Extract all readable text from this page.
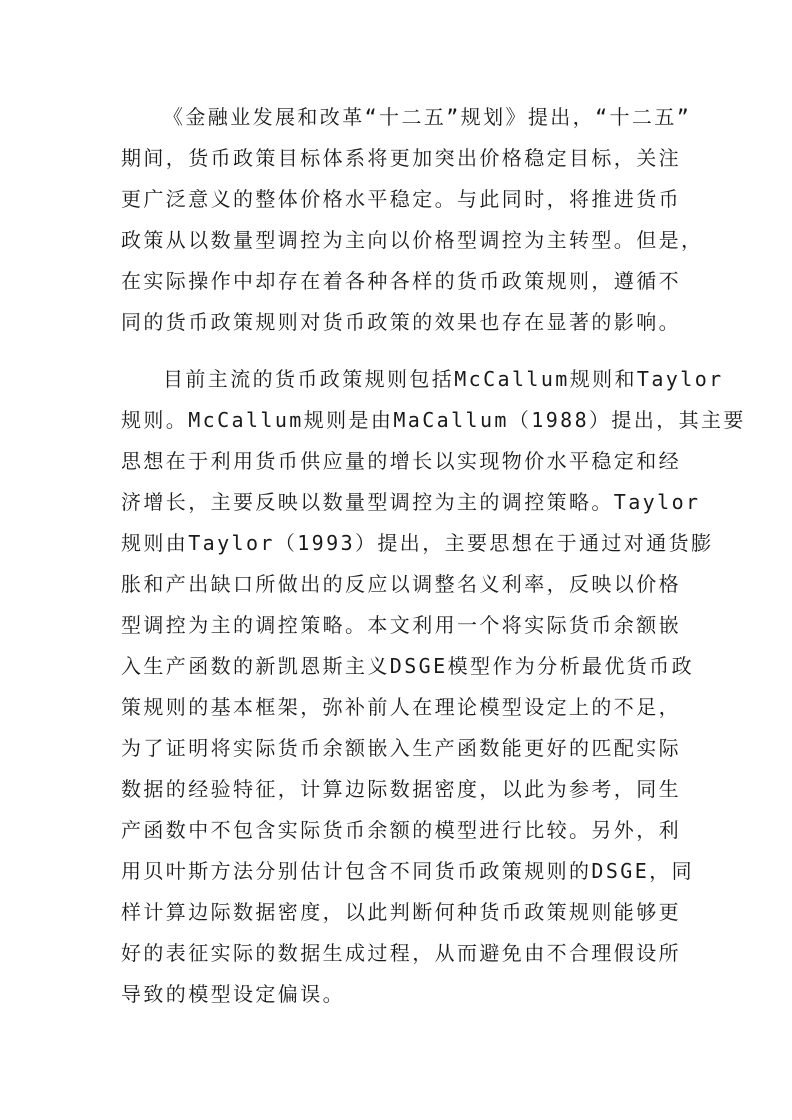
《金融业发展和改革“十二五”规划》提出，“十二五”
期间，货币政策目标体系将更加突出价格稳定目标，关注
更广泛意义的整体价格水平稳定。与此同时，将推进货币
政策从以数量型调控为主向以价格型调控为主转型。但是，
在实际操作中却存在着各种各样的货币政策规则，遵循不
同的货币政策规则对货币政策的效果也存在显著的影响。
目前主流的货币政策规则包括McCallum规则和Taylor
规则。McCallum规则是由MaCallum（1988）提出，其主要
思想在于利用货币供应量的增长以实现物价水平稳定和经
济增长，主要反映以数量型调控为主的调控策略。Taylor
规则由Taylor（1993）提出，主要思想在于通过对通货膨
胀和产出缺口所做出的反应以调整名义利率，反映以价格
型调控为主的调控策略。本文利用一个将实际货币余额嵌
入生产函数的新凯恩斯主义DSGE模型作为分析最优货币政
策规则的基本框架，弥补前人在理论模型设定上的不足，
为了证明将实际货币余额嵌入生产函数能更好的匹配实际
数据的经验特征，计算边际数据密度，以此为参考，同生
产函数中不包含实际货币余额的模型进行比较。另外，利
用贝叶斯方法分别估计包含不同货币政策规则的DSGE，同
样计算边际数据密度，以此判断何种货币政策规则能够更
好的表征实际的数据生成过程，从而避免由不合理假设所
导致的模型设定偏误。
